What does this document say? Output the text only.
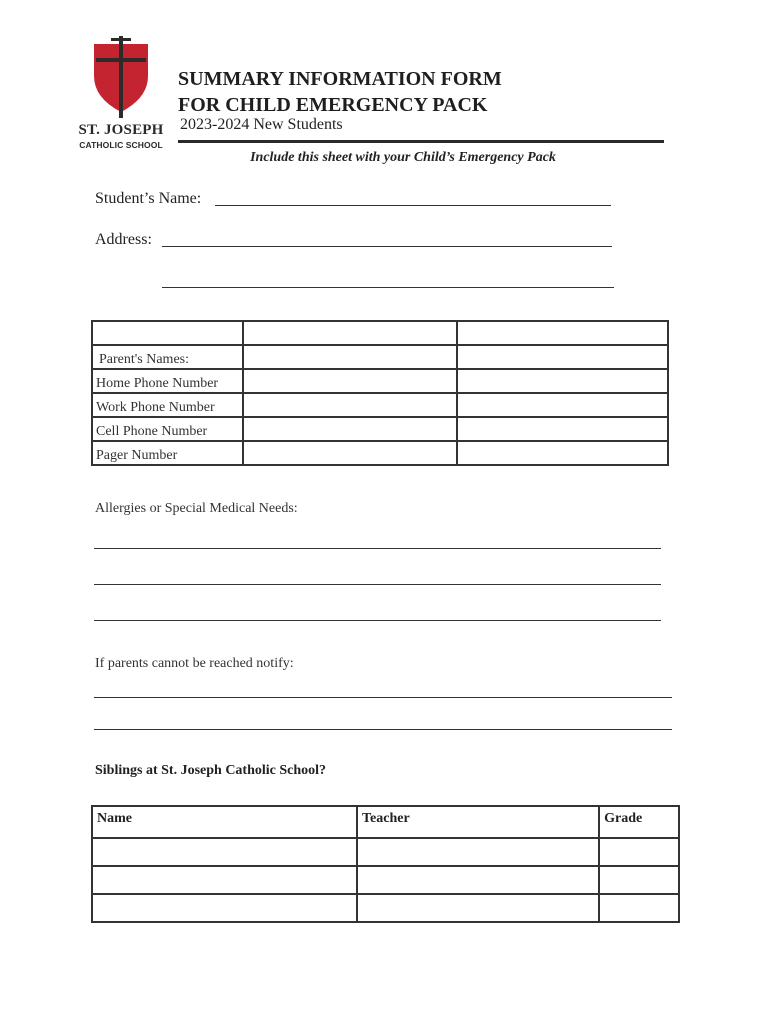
ST. JOSEPH
CATHOLIC SCHOOL
SUMMARY INFORMATION FORM
FOR CHILD EMERGENCY PACK
2023-2024 New Students
Include this sheet with your Child’s Emergency Pack
Student’s Name:
Address:

Parent's Names:		
Home Phone Number		
Work Phone Number		
Cell Phone Number		
Pager Number		
Allergies or Special Medical Needs:
If parents cannot be reached notify:
Siblings at St. Joseph Catholic School?
Name	Teacher	Grade
